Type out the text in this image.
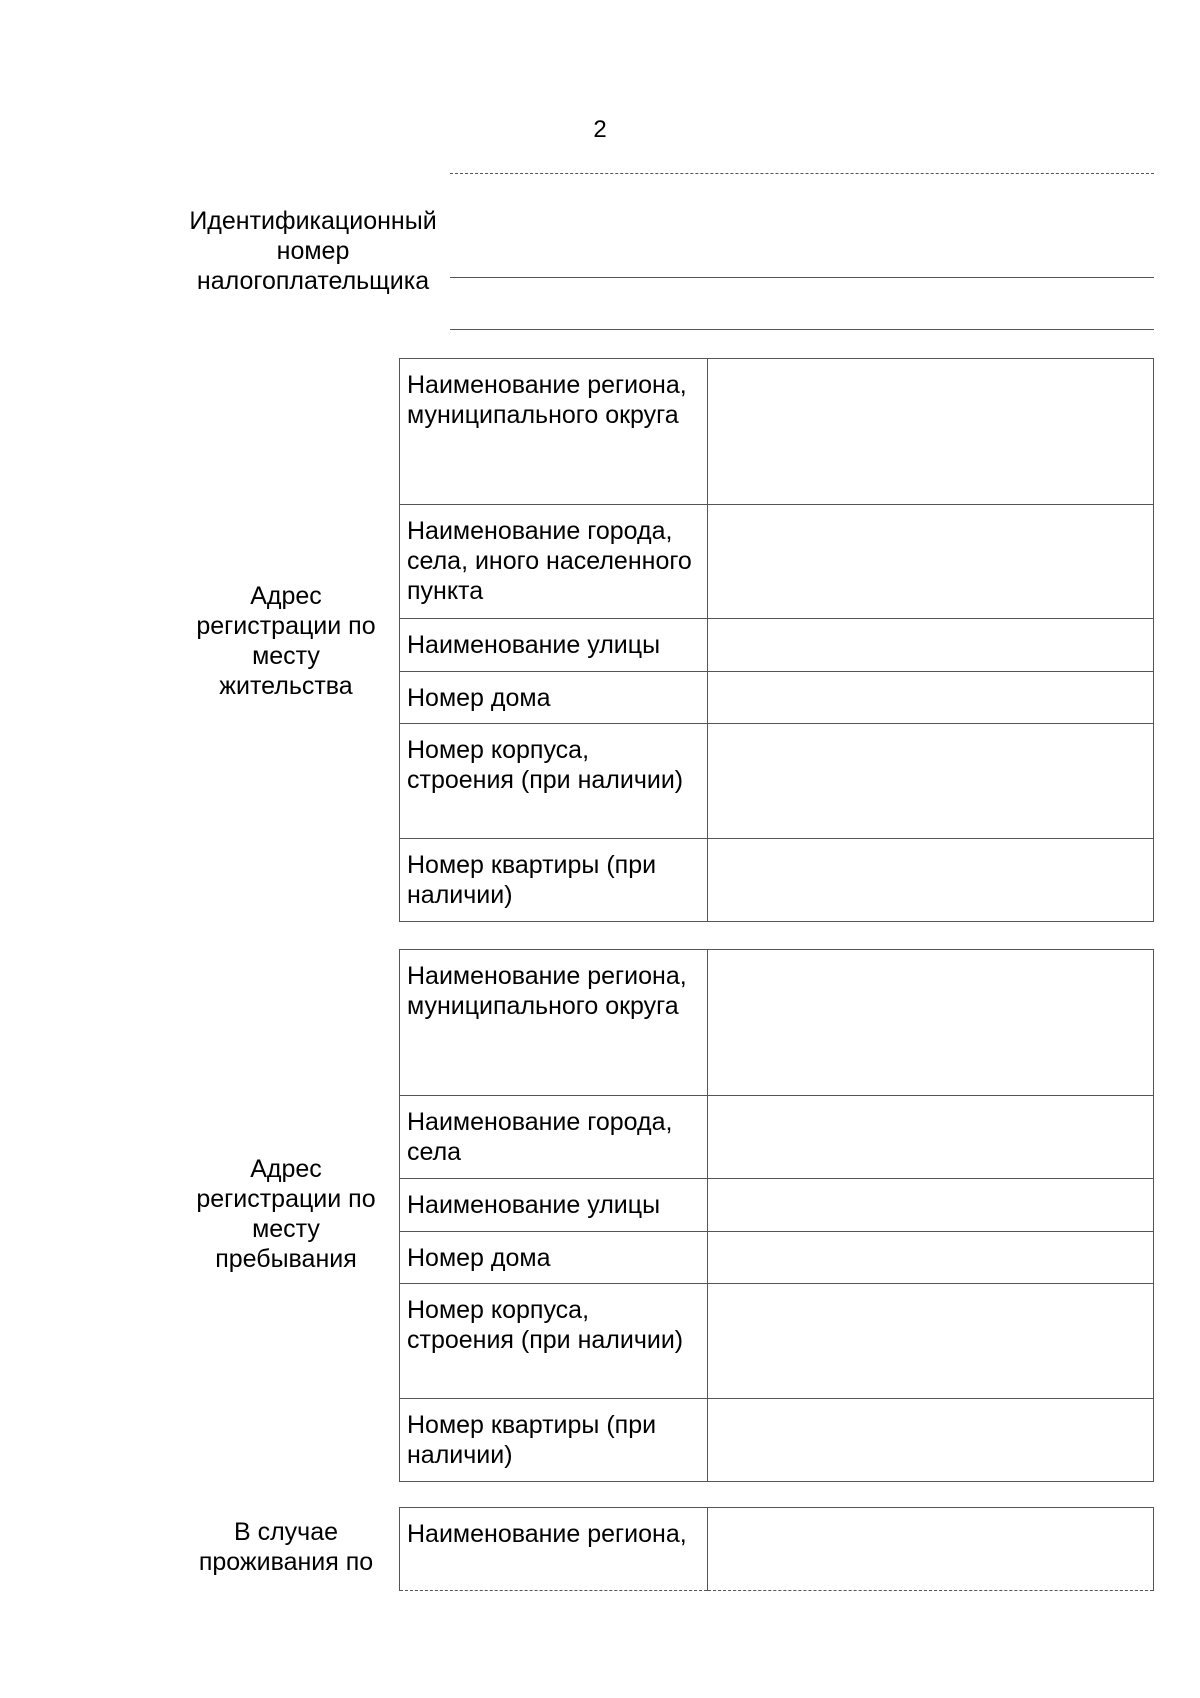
2
Идентификационный номер налогоплательщика
Адрес регистрации по месту жительства
Наименование региона, муниципального округа	
Наименование города, села, иного населенного пункта	
Наименование улицы	
Номер дома	
Номер корпуса, строения (при наличии)	
Номер квартиры (при наличии)	
Адрес регистрации по месту пребывания
Наименование региона, муниципального округа	
Наименование города, села	
Наименование улицы	
Номер дома	
Номер корпуса, строения (при наличии)	
Номер квартиры (при наличии)	
В случае проживания по
Наименование региона,	
